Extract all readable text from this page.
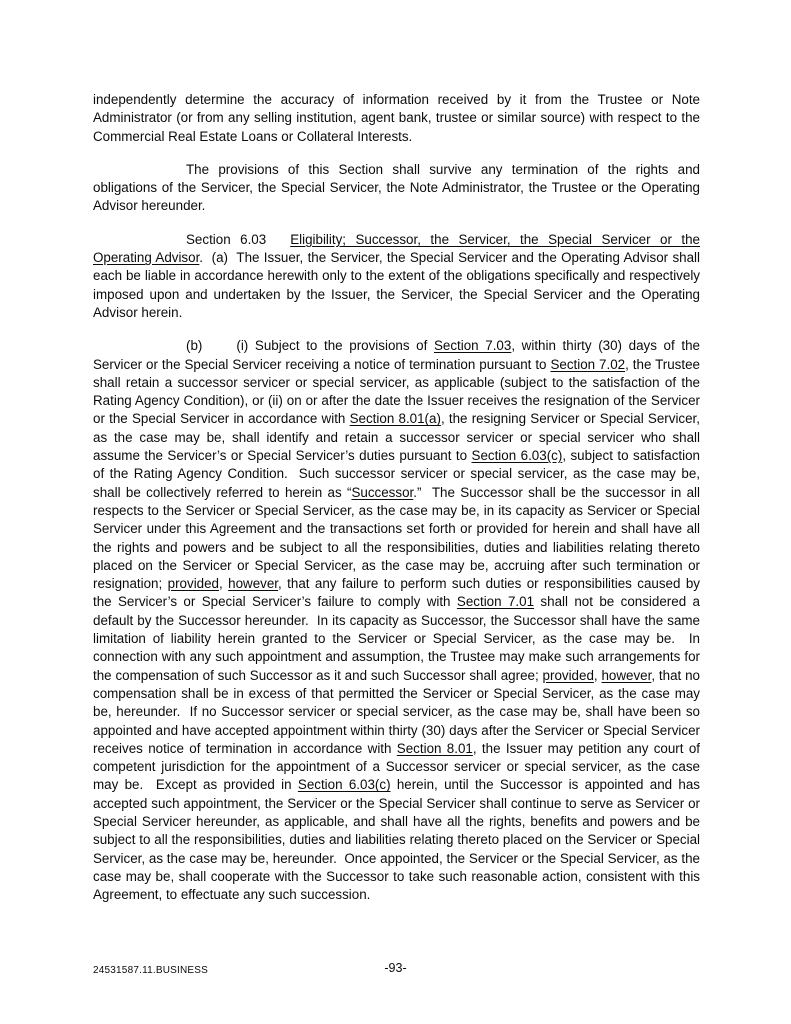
independently determine the accuracy of information received by it from the Trustee or Note Administrator (or from any selling institution, agent bank, trustee or similar source) with respect to the Commercial Real Estate Loans or Collateral Interests.

The provisions of this Section shall survive any termination of the rights and obligations of the Servicer, the Special Servicer, the Note Administrator, the Trustee or the Operating Advisor hereunder.

Section 6.03 Eligibility; Successor, the Servicer, the Special Servicer or the Operating Advisor.  (a)  The Issuer, the Servicer, the Special Servicer and the Operating Advisor shall each be liable in accordance herewith only to the extent of the obligations specifically and respectively imposed upon and undertaken by the Issuer, the Servicer, the Special Servicer and the Operating Advisor herein.

(b)	(i) Subject to the provisions of Section 7.03, within thirty (30) days of the Servicer or the Special Servicer receiving a notice of termination pursuant to Section 7.02, the Trustee shall retain a successor servicer or special servicer, as applicable (subject to the satisfaction of the Rating Agency Condition), or (ii) on or after the date the Issuer receives the resignation of the Servicer or the Special Servicer in accordance with Section 8.01(a), the resigning Servicer or Special Servicer, as the case may be, shall identify and retain a successor servicer or special servicer who shall assume the Servicer’s or Special Servicer’s duties pursuant to Section 6.03(c), subject to satisfaction of the Rating Agency Condition.  Such successor servicer or special servicer, as the case may be, shall be collectively referred to herein as “Successor.”  The Successor shall be the successor in all respects to the Servicer or Special Servicer, as the case may be, in its capacity as Servicer or Special Servicer under this Agreement and the transactions set forth or provided for herein and shall have all the rights and powers and be subject to all the responsibilities, duties and liabilities relating thereto placed on the Servicer or Special Servicer, as the case may be, accruing after such termination or resignation; provided, however, that any failure to perform such duties or responsibilities caused by the Servicer’s or Special Servicer’s failure to comply with Section 7.01 shall not be considered a default by the Successor hereunder.  In its capacity as Successor, the Successor shall have the same limitation of liability herein granted to the Servicer or Special Servicer, as the case may be.  In connection with any such appointment and assumption, the Trustee may make such arrangements for the compensation of such Successor as it and such Successor shall agree; provided, however, that no compensation shall be in excess of that permitted the Servicer or Special Servicer, as the case may be, hereunder.  If no Successor servicer or special servicer, as the case may be, shall have been so appointed and have accepted appointment within thirty (30) days after the Servicer or Special Servicer receives notice of termination in accordance with Section 8.01, the Issuer may petition any court of competent jurisdiction for the appointment of a Successor servicer or special servicer, as the case may be.  Except as provided in Section 6.03(c) herein, until the Successor is appointed and has accepted such appointment, the Servicer or the Special Servicer shall continue to serve as Servicer or Special Servicer hereunder, as applicable, and shall have all the rights, benefits and powers and be subject to all the responsibilities, duties and liabilities relating thereto placed on the Servicer or Special Servicer, as the case may be, hereunder.  Once appointed, the Servicer or the Special Servicer, as the case may be, shall cooperate with the Successor to take such reasonable action, consistent with this Agreement, to effectuate any such succession.

24531587.11.BUSINESS	-93-
